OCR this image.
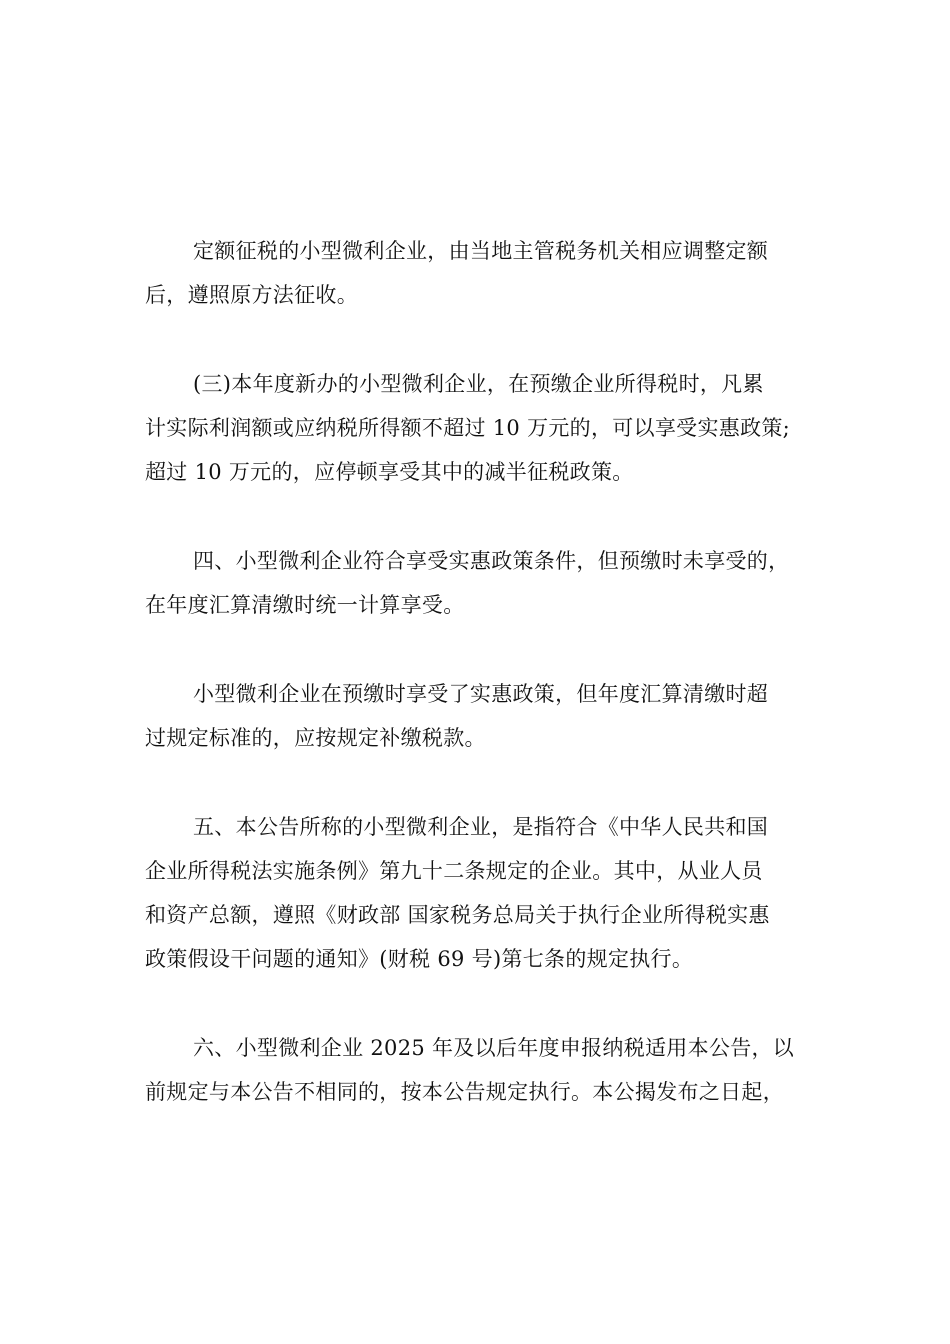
定额征税的小型微利企业，由当地主管税务机关相应调整定额
后，遵照原方法征收。

(三)本年度新办的小型微利企业，在预缴企业所得税时，凡累
计实际利润额或应纳税所得额不超过 10 万元的，可以享受实惠政策;
超过 10 万元的，应停顿享受其中的减半征税政策。

四、小型微利企业符合享受实惠政策条件，但预缴时未享受的，
在年度汇算清缴时统一计算享受。

小型微利企业在预缴时享受了实惠政策，但年度汇算清缴时超
过规定标准的，应按规定补缴税款。

五、本公告所称的小型微利企业，是指符合《中华人民共和国
企业所得税法实施条例》第九十二条规定的企业。其中，从业人员
和资产总额，遵照《财政部 国家税务总局关于执行企业所得税实惠
政策假设干问题的通知》(财税 69 号)第七条的规定执行。

六、小型微利企业 2025 年及以后年度申报纳税适用本公告，以
前规定与本公告不相同的，按本公告规定执行。本公揭发布之日起，
